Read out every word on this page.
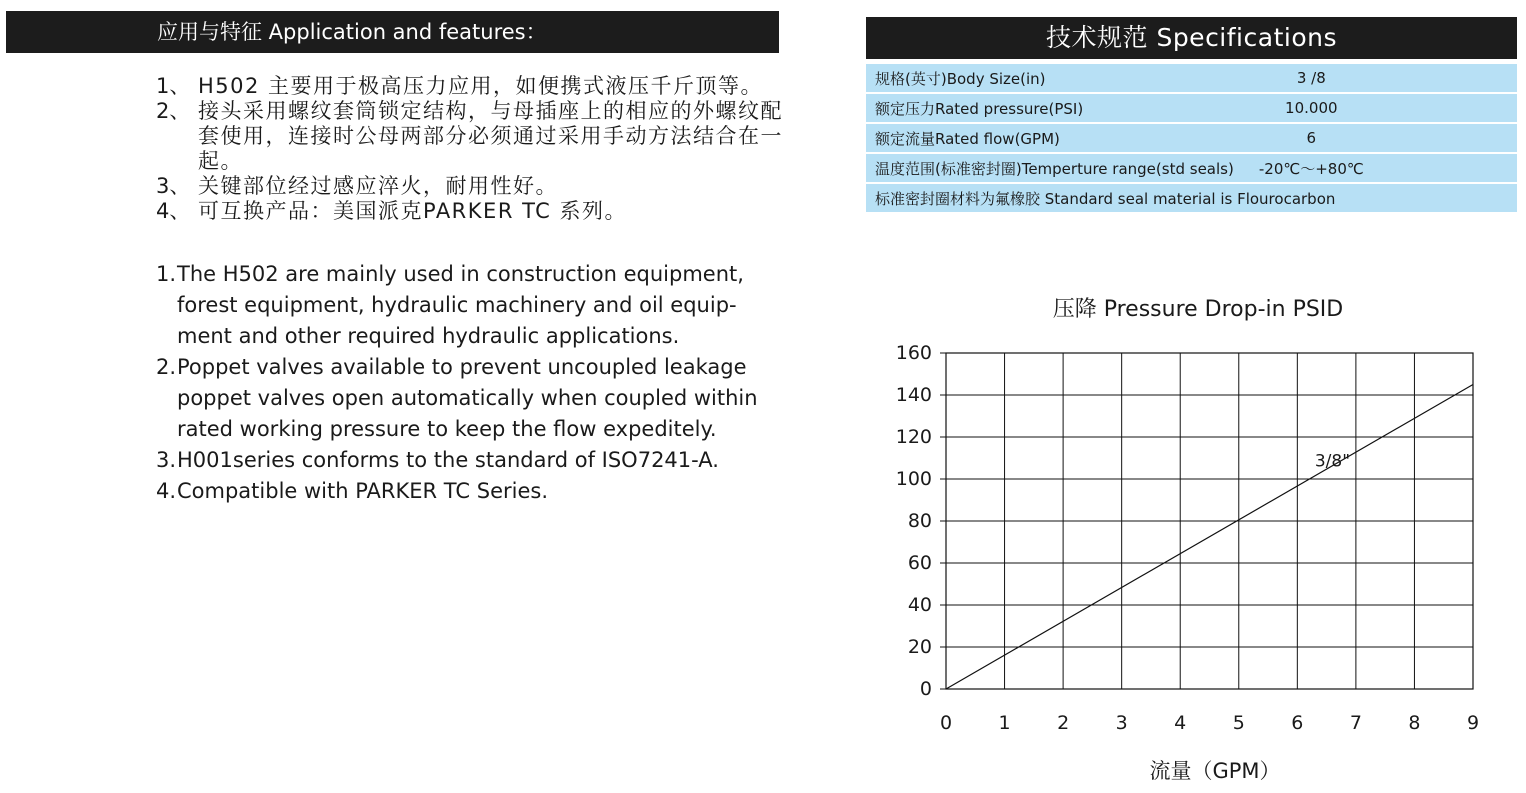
应用与特征 Application and features：
1、 H502 主要用于极高压力应用，如便携式液压千斤顶等。
2、 接头采用螺纹套筒锁定结构，与母插座上的相应的外螺纹配套使用，连接时公母两部分必须通过采用手动方法结合在一起。
3、 关键部位经过感应淬火，耐用性好。
4、 可互换产品：美国派克PARKER TC 系列。
1. The H502 are mainly used in construction equipment, forest equipment, hydraulic machinery and oil equip-ment and other required hydraulic applications.
2. Poppet valves available to prevent uncoupled leakage poppet valves open automatically when coupled within rated working pressure to keep the flow expeditely.
3. H001series conforms to the standard of ISO7241-A.
4. Compatible with PARKER TC Series.
技术规范 Specifications
规格(英寸)Body Size(in)	3 /8	
额定压力Rated pressure(PSI)	10.000	
额定流量Rated flow(GPM)	6	
温度范围(标准密封圈)Temperture range(std seals)	-20℃～+80℃	
标准密封圈材料为氟橡胶 Standard seal material is Flourocarbon		
压降 Pressure Drop-in PSID
0
20
40
60
80
100
120
140
160
0 1 2 3 4 5 6 7 8 9
3/8"
流量（GPM）
